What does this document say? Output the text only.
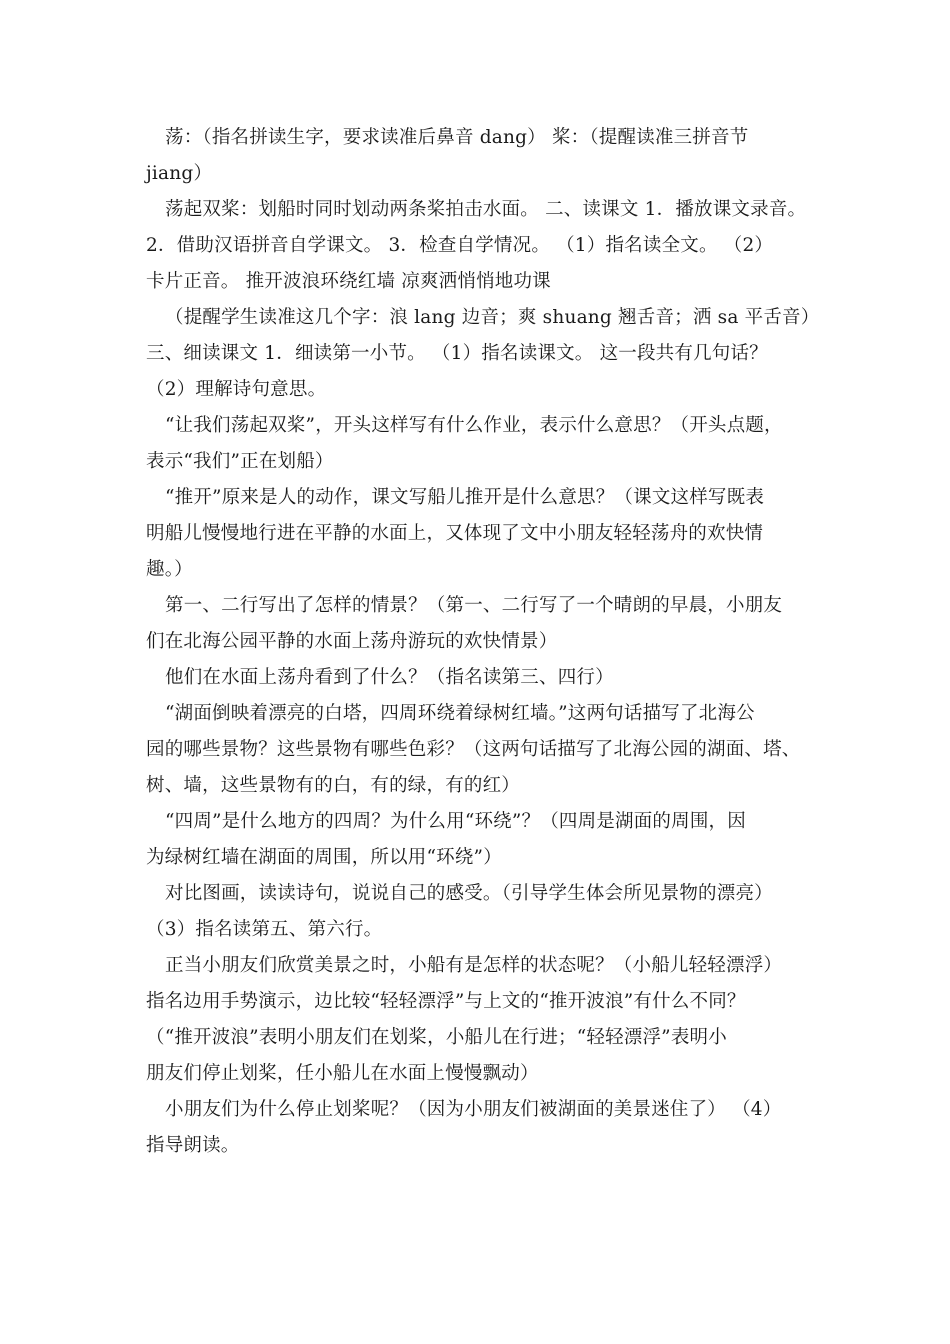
荡：（指名拼读生字，要求读准后鼻音 dang） 桨：（提醒读准三拼音节
jiang）
荡起双桨：划船时同时划动两条桨拍击水面。 二、读课文 1．播放课文录音。
2．借助汉语拼音自学课文。 3．检查自学情况。 （1）指名读全文。 （2）
卡片正音。 推开波浪环绕红墙 凉爽洒悄悄地功课
（提醒学生读准这几个字：浪 lang 边音；爽 shuang 翘舌音；洒 sa 平舌音）
三、细读课文 1．细读第一小节。 （1）指名读课文。 这一段共有几句话？
（2）理解诗句意思。
“让我们荡起双桨”，开头这样写有什么作业，表示什么意思？（开头点题，
表示“我们”正在划船）
“推开”原来是人的动作，课文写船儿推开是什么意思？（课文这样写既表
明船儿慢慢地行进在平静的水面上，又体现了文中小朋友轻轻荡舟的欢快情
趣。）
第一、二行写出了怎样的情景？（第一、二行写了一个晴朗的早晨，小朋友
们在北海公园平静的水面上荡舟游玩的欢快情景）
他们在水面上荡舟看到了什么？（指名读第三、四行）
“湖面倒映着漂亮的白塔，四周环绕着绿树红墙。”这两句话描写了北海公
园的哪些景物？这些景物有哪些色彩？（这两句话描写了北海公园的湖面、塔、
树、墙，这些景物有的白，有的绿，有的红）
“四周”是什么地方的四周？为什么用“环绕”？（四周是湖面的周围，因
为绿树红墙在湖面的周围，所以用“环绕”）
对比图画，读读诗句，说说自己的感受。（引导学生体会所见景物的漂亮）
（3）指名读第五、第六行。
正当小朋友们欣赏美景之时，小船有是怎样的状态呢？（小船儿轻轻漂浮）
指名边用手势演示，边比较“轻轻漂浮”与上文的“推开波浪”有什么不同？
（“推开波浪”表明小朋友们在划桨，小船儿在行进；“轻轻漂浮”表明小
朋友们停止划桨，任小船儿在水面上慢慢飘动）
小朋友们为什么停止划桨呢？（因为小朋友们被湖面的美景迷住了） （4）
指导朗读。
